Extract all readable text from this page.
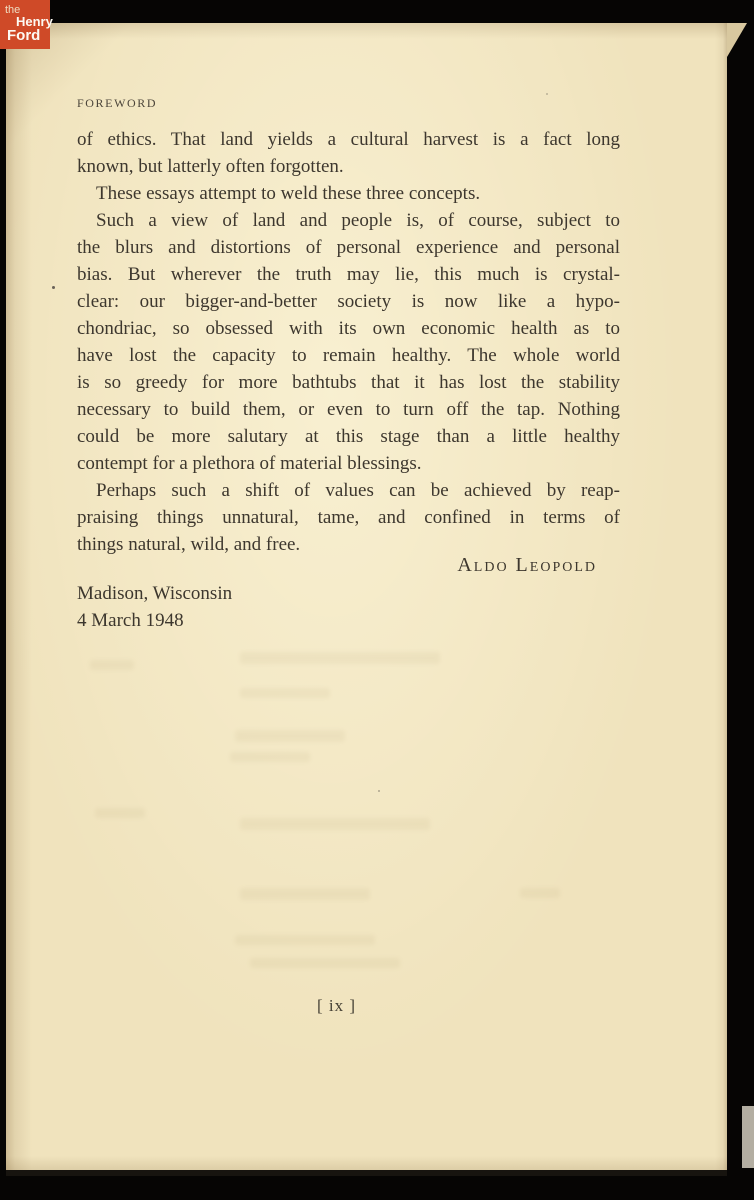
FOREWORD
of ethics. That land yields a cultural harvest is a fact long
known, but latterly often forgotten.
These essays attempt to weld these three concepts.
Such a view of land and people is, of course, subject to
the blurs and distortions of personal experience and personal
bias. But wherever the truth may lie, this much is crystal-
clear: our bigger-and-better society is now like a hypo-
chondriac, so obsessed with its own economic health as to
have lost the capacity to remain healthy. The whole world
is so greedy for more bathtubs that it has lost the stability
necessary to build them, or even to turn off the tap. Nothing
could be more salutary at this stage than a little healthy
contempt for a plethora of material blessings.
Perhaps such a shift of values can be achieved by reap-
praising things unnatural, tame, and confined in terms of
things natural, wild, and free.
Aldo Leopold
Madison, Wisconsin
4 March 1948
[ ix ]
the
Henry
Ford
